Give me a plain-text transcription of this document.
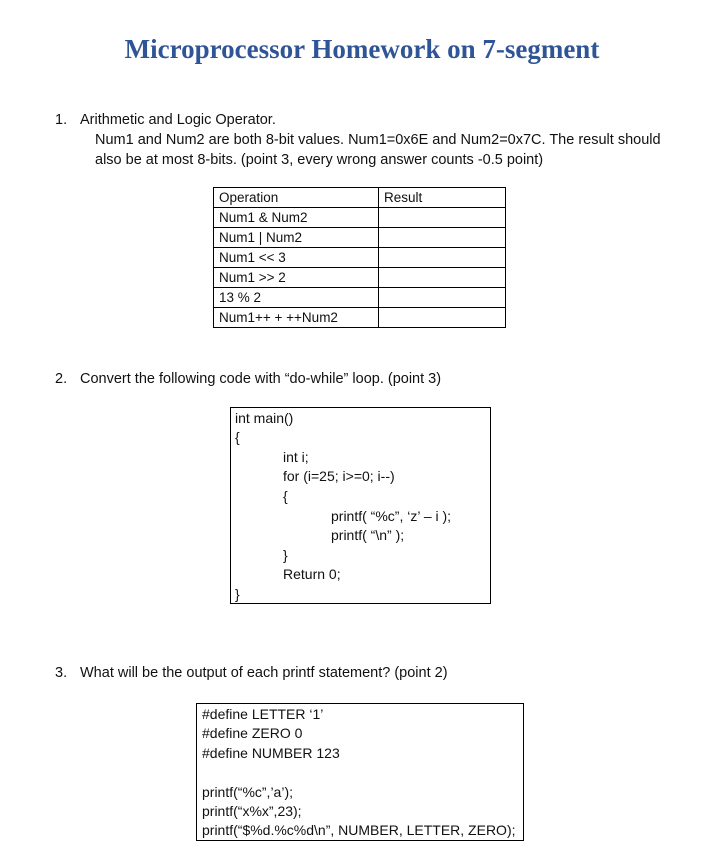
Microprocessor Homework on 7-segment
1. Arithmetic and Logic Operator.
Num1 and Num2 are both 8-bit values. Num1=0x6E and Num2=0x7C. The result should
also be at most 8-bits. (point 3, every wrong answer counts -0.5 point)
Operation	Result
Num1 & Num2	
Num1 | Num2	
Num1 << 3	
Num1 >> 2	
13 % 2	
Num1++ + ++Num2	
2. Convert the following code with “do-while” loop. (point 3)
int main()
{
int i;
for (i=25; i>=0; i--)
{
printf( “%c”, ‘z’ – i );
printf( “\n” );
}
Return 0;
}
3. What will be the output of each printf statement? (point 2)
#define LETTER ‘1’
#define ZERO 0
#define NUMBER 123
printf(“%c”,’a’);
printf(“x%x”,23);
printf(“$%d.%c%d\n”, NUMBER, LETTER, ZERO);
